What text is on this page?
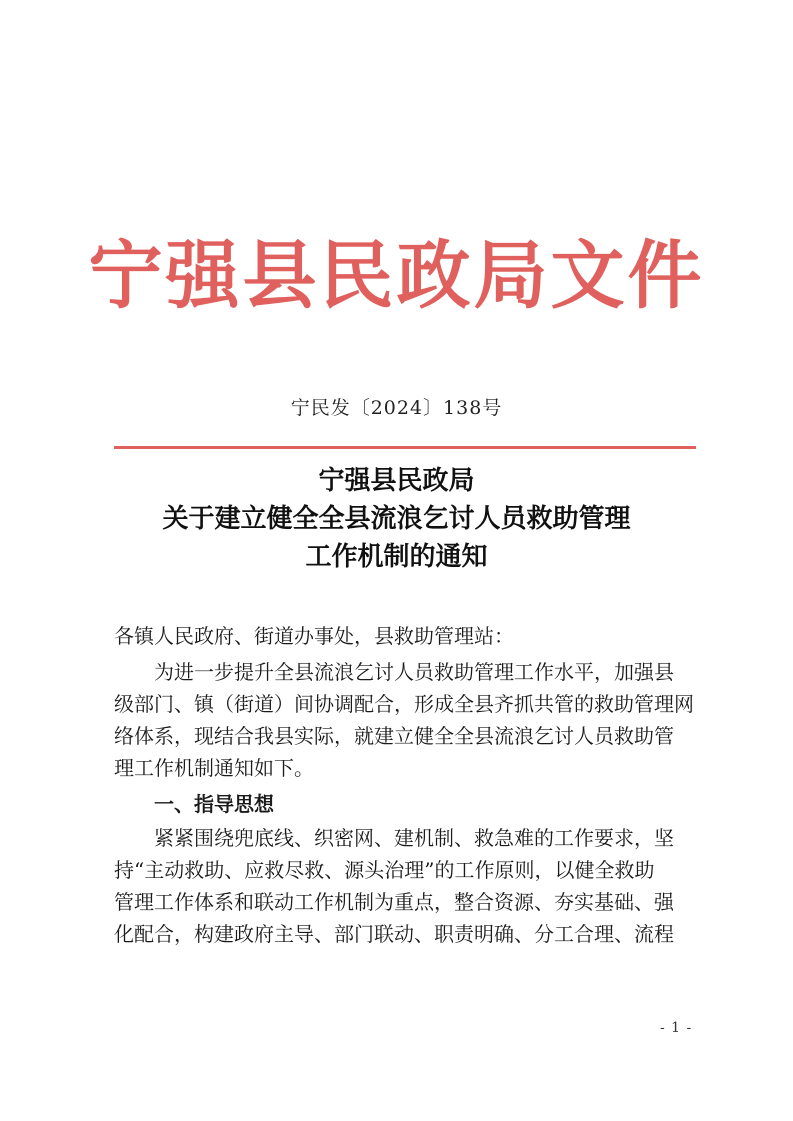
宁强县民政局文件
宁民发〔2024〕138号
宁强县民政局
关于建立健全全县流浪乞讨人员救助管理
工作机制的通知
各镇人民政府、街道办事处，县救助管理站：
为进一步提升全县流浪乞讨人员救助管理工作水平，加强县
级部门、镇（街道）间协调配合，形成全县齐抓共管的救助管理网
络体系，现结合我县实际，就建立健全全县流浪乞讨人员救助管
理工作机制通知如下。
一、指导思想
紧紧围绕兜底线、织密网、建机制、救急难的工作要求，坚
持“主动救助、应救尽救、源头治理”的工作原则，以健全救助
管理工作体系和联动工作机制为重点，整合资源、夯实基础、强
化配合，构建政府主导、部门联动、职责明确、分工合理、流程
- 1 -
